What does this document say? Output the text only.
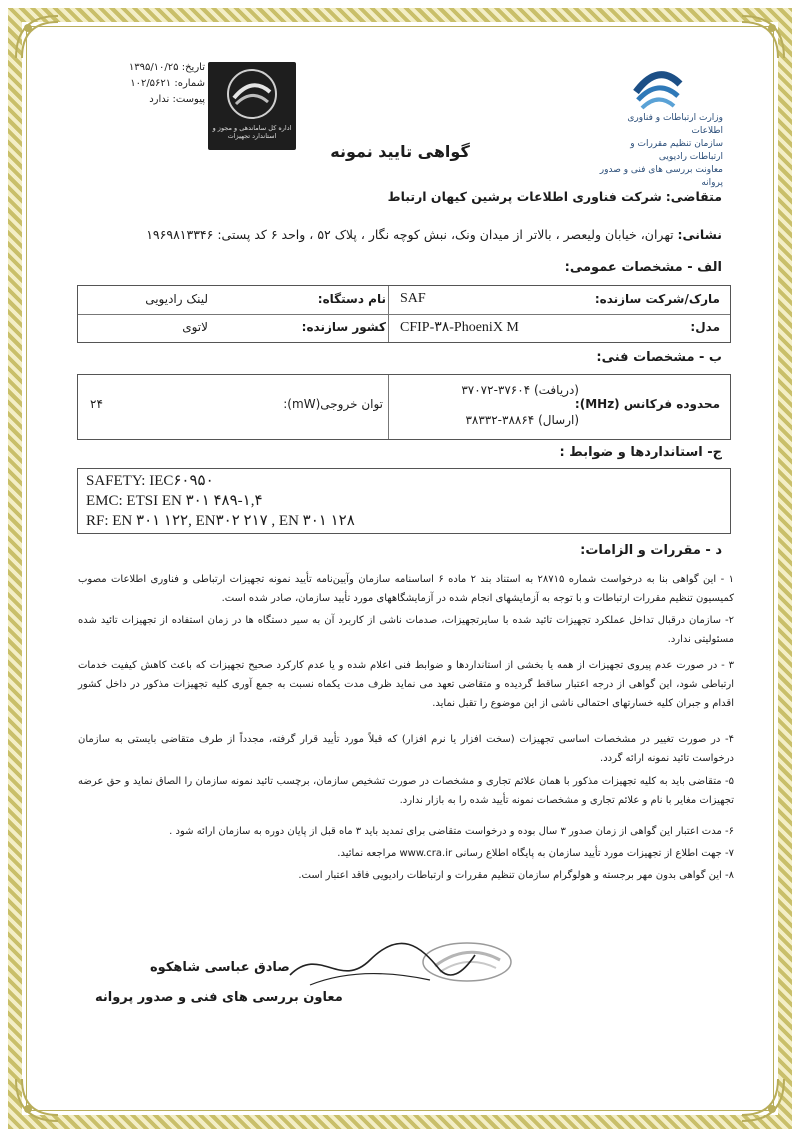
وزارت ارتباطات و فناوری اطلاعات
سازمان تنظیم مقررات و ارتباطات رادیویی
معاونت بررسی های فنی و صدور پروانه
اداره کل ساماندهی و مجوز و استاندارد تجهیزات
تاریخ: ۱۳۹۵/۱۰/۲۵
شماره: ۱۰۲/۵۶۲۱
پیوست: ندارد
گواهی تایید نمونه
متقاضی: شرکت فناوری اطلاعات پرشین کیهان ارتباط
نشانی: تهران، خیابان ولیعصر ، بالاتر از میدان ونک، نبش کوچه نگار ، پلاک ۵۲ ، واحد ۶ کد پستی: ۱۹۶۹۸۱۳۳۴۶
الف - مشخصات عمومی:
مارک/شرکت سازنده:
SAF
نام دستگاه:
لینک رادیویی
مدل:
CFIP-۳۸-PhoeniX M
کشور سازنده:
لاتوی
ب - مشخصات فنی:
محدوده فرکانس (MHz):
(دریافت) ۳۷۶۰۴-۳۷۰۷۲
(ارسال) ۳۸۸۶۴-۳۸۳۳۲
توان خروجی(mW):
۲۴
ج- استانداردها و ضوابط :
SAFETY: IEC۶۰۹۵۰
EMC: ETSI EN ۳۰۱ ۴۸۹-۱,۴
RF: EN ۳۰۱ ۱۲۲, EN۳۰۲ ۲۱۷ , EN ۳۰۱ ۱۲۸
د - مقررات و الزامات:
۱ - این گواهی بنا به درخواست شماره ۲۸۷۱۵ به استناد بند ۲ ماده ۶ اساسنامه سازمان وآیین‌نامه تأیید نمونه تجهیزات ارتباطی و فناوری اطلاعات مصوب کمیسیون تنظیم مقررات ارتباطات و با توجه به آزمایشهای انجام شده در آزمایشگاههای مورد تأیید سازمان، صادر شده است.
۲- سازمان درقبال تداخل عملکرد تجهیزات تائید شده با سایرتجهیزات، صدمات ناشی از کاربرد آن به سیر دستگاه ها در زمان استفاده از تجهیزات تائید شده مسئولیتی ندارد.
۳ - در صورت عدم پیروی تجهیزات از همه یا بخشی از استانداردها و ضوابط فنی اعلام شده و یا عدم کارکرد صحیح تجهیزات که باعث کاهش کیفیت خدمات ارتباطی شود، این گواهی از درجه اعتبار ساقط گردیده و متقاضی تعهد می نماید ظرف مدت یکماه نسبت به جمع آوری کلیه تجهیزات مذکور در داخل کشور اقدام و جبران کلیه خسارتهای احتمالی ناشی از این موضوع را تقبل نماید.
۴- در صورت تغییر در مشخصات اساسی تجهیزات (سخت افزار یا نرم افزار) که قبلاً مورد تأیید قرار گرفته، مجدداً از طرف متقاضی بایستی به سازمان درخواست تائید نمونه ارائه گردد.
۵- متقاضی باید به کلیه تجهیزات مذکور با همان علائم تجاری و مشخصات در صورت تشخیص سازمان، برچسب تائید نمونه سازمان را الصاق نماید و حق عرضه تجهیزات مغایر با نام و علائم تجاری و مشخصات نمونه تأیید شده را به بازار ندارد.
۶- مدت اعتبار این گواهی از زمان صدور ۳ سال بوده و درخواست متقاضی برای تمدید باید ۳ ماه قبل از پایان دوره به سازمان ارائه شود .
۷- جهت اطلاع از تجهیزات مورد تأیید سازمان به پایگاه اطلاع رسانی www.cra.ir مراجعه نمائید.
۸- این گواهی بدون مهر برجسته و هولوگرام سازمان تنظیم مقررات و ارتباطات رادیویی فاقد اعتبار است.
صادق عباسی شاهکوه
معاون بررسی های فنی و صدور پروانه
